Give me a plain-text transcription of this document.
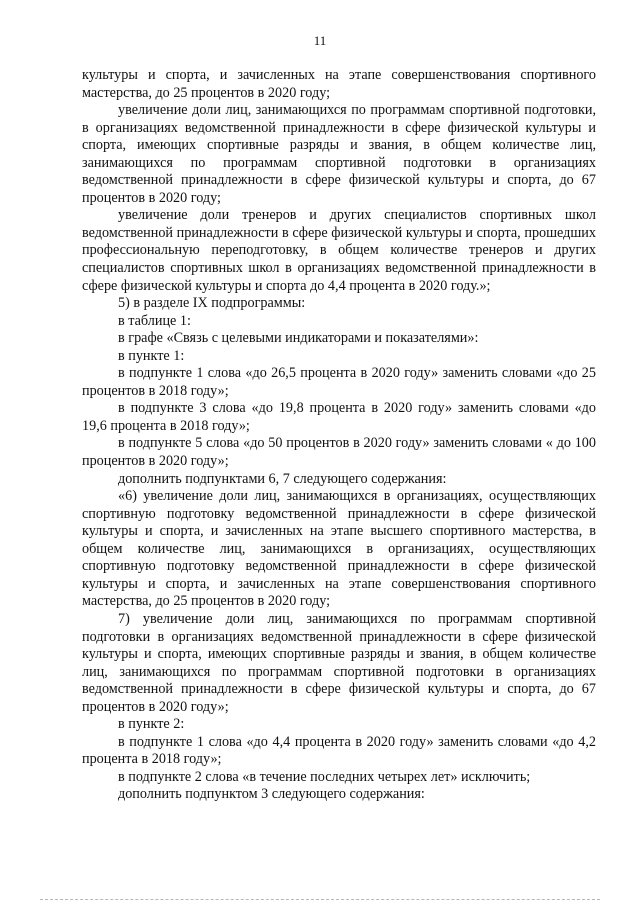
11

культуры и спорта, и зачисленных на этапе совершенствования спортивного мастерства, до 25 процентов в 2020 году;

увеличение доли лиц, занимающихся по программам спортивной подготовки, в организациях ведомственной принадлежности в сфере физической культуры и спорта, имеющих спортивные разряды и звания, в общем количестве лиц, занимающихся по программам спортивной подготовки в организациях ведомственной принадлежности в сфере физической культуры и спорта, до 67 процентов в 2020 году;

увеличение доли тренеров и других специалистов спортивных школ ведомственной принадлежности в сфере физической культуры и спорта, прошедших профессиональную переподготовку, в общем количестве тренеров и других специалистов спортивных школ в организациях ведомственной принадлежности в сфере физической культуры и спорта до 4,4 процента в 2020 году.»;

5) в разделе IX подпрограммы:

в таблице 1:

в графе «Связь с целевыми индикаторами и показателями»:

в пункте 1:

в подпункте 1 слова «до 26,5 процента в 2020 году» заменить словами «до 25 процентов в 2018 году»;

в подпункте 3 слова «до 19,8 процента в 2020 году» заменить словами «до 19,6 процента в 2018 году»;

в подпункте 5 слова «до 50 процентов в 2020 году» заменить словами « до 100 процентов в 2020 году»;

дополнить подпунктами 6, 7 следующего содержания:

«6) увеличение доли лиц, занимающихся в организациях, осуществляющих спортивную подготовку ведомственной принадлежности в сфере физической культуры и спорта, и зачисленных на этапе высшего спортивного мастерства, в общем количестве лиц, занимающихся в организациях, осуществляющих спортивную подготовку ведомственной принадлежности в сфере физической культуры и спорта, и зачисленных на этапе совершенствования спортивного мастерства, до 25 процентов в 2020 году;

7) увеличение доли лиц, занимающихся по программам спортивной подготовки в организациях ведомственной принадлежности в сфере физической культуры и спорта, имеющих спортивные разряды и звания, в общем количестве лиц, занимающихся по программам спортивной подготовки в организациях ведомственной принадлежности в сфере физической культуры и спорта, до 67 процентов в 2020 году»;

в пункте 2:

в подпункте 1 слова «до 4,4 процента в 2020 году» заменить словами «до 4,2 процента в 2018 году»;

в подпункте 2 слова «в течение последних четырех лет» исключить;

дополнить подпунктом 3 следующего содержания:
